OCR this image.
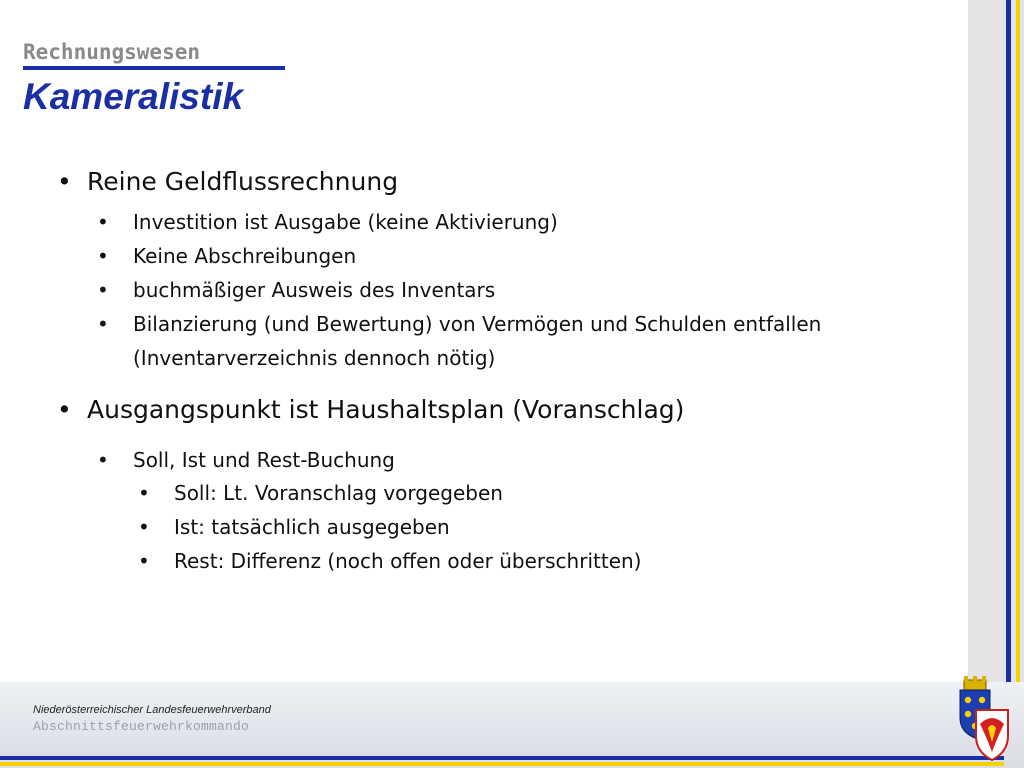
Rechnungswesen
Kameralistik
• Reine Geldflussrechnung
• Investition ist Ausgabe (keine Aktivierung)
• Keine Abschreibungen
• buchmäßiger Ausweis des Inventars
• Bilanzierung (und Bewertung) von Vermögen und Schulden entfallen
(Inventarverzeichnis dennoch nötig)
• Ausgangspunkt ist Haushaltsplan (Voranschlag)
• Soll, Ist und Rest-Buchung
• Soll: Lt. Voranschlag vorgegeben
• Ist: tatsächlich ausgegeben
• Rest: Differenz (noch offen oder überschritten)
Niederösterreichischer Landesfeuerwehrverband
Abschnittsfeuerwehrkommando
